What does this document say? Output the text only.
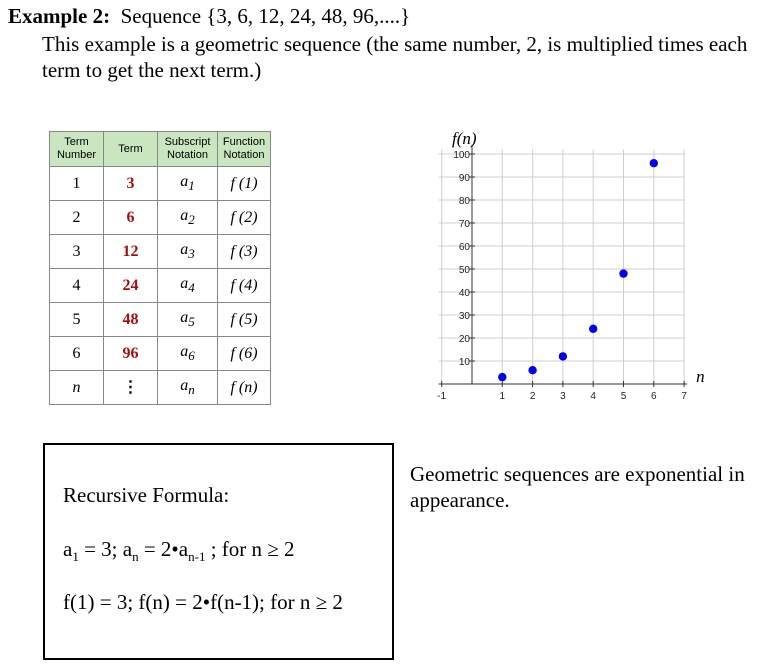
Example 2: Sequence {3, 6, 12, 24, 48, 96,....}
This example is a geometric sequence (the same number, 2, is multiplied times each term to get the next term.)
Term Number	Term	Subscript Notation	Function Notation
1	3	$a_1$	f (1)
2	6	$a_2$	f (2)
3	12	$a_3$	f (3)
4	24	$a_4$	f (4)
5	48	$a_5$	f (5)
6	96	$a_6$	f (6)
n	⋮	$a_n$	f (n)
10
20
30
40
50
60
70
80
90
100
-1	1 2 3 4 5 6 7
f(n)
n
Recursive Formula:
$a_1 = 3$; $a_n$ = $2•a_{n-1}$ ; for n ≥ 2
f(1) = 3; f(n) = 2•f(n-1); for n ≥ 2
Geometric sequences are exponential in appearance.
